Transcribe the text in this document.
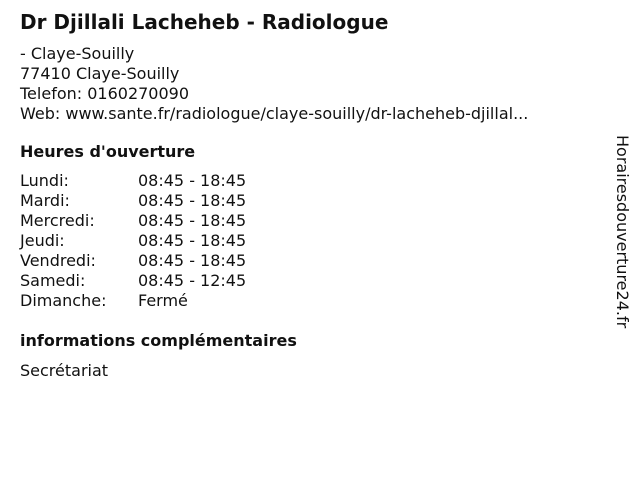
Dr Djillali Lacheheb - Radiologue
- Claye-Souilly
77410 Claye-Souilly
Telefon: 0160270090
Web: www.sante.fr/radiologue/claye-souilly/dr-lacheheb-djillal...
Heures d'ouverture
Lundi:	08:45 - 18:45
Mardi:	08:45 - 18:45
Mercredi:	08:45 - 18:45
Jeudi:	08:45 - 18:45
Vendredi:	08:45 - 18:45
Samedi:	08:45 - 12:45
Dimanche:	Fermé
informations complémentaires
Secrétariat
Horairesdouverture24.fr
